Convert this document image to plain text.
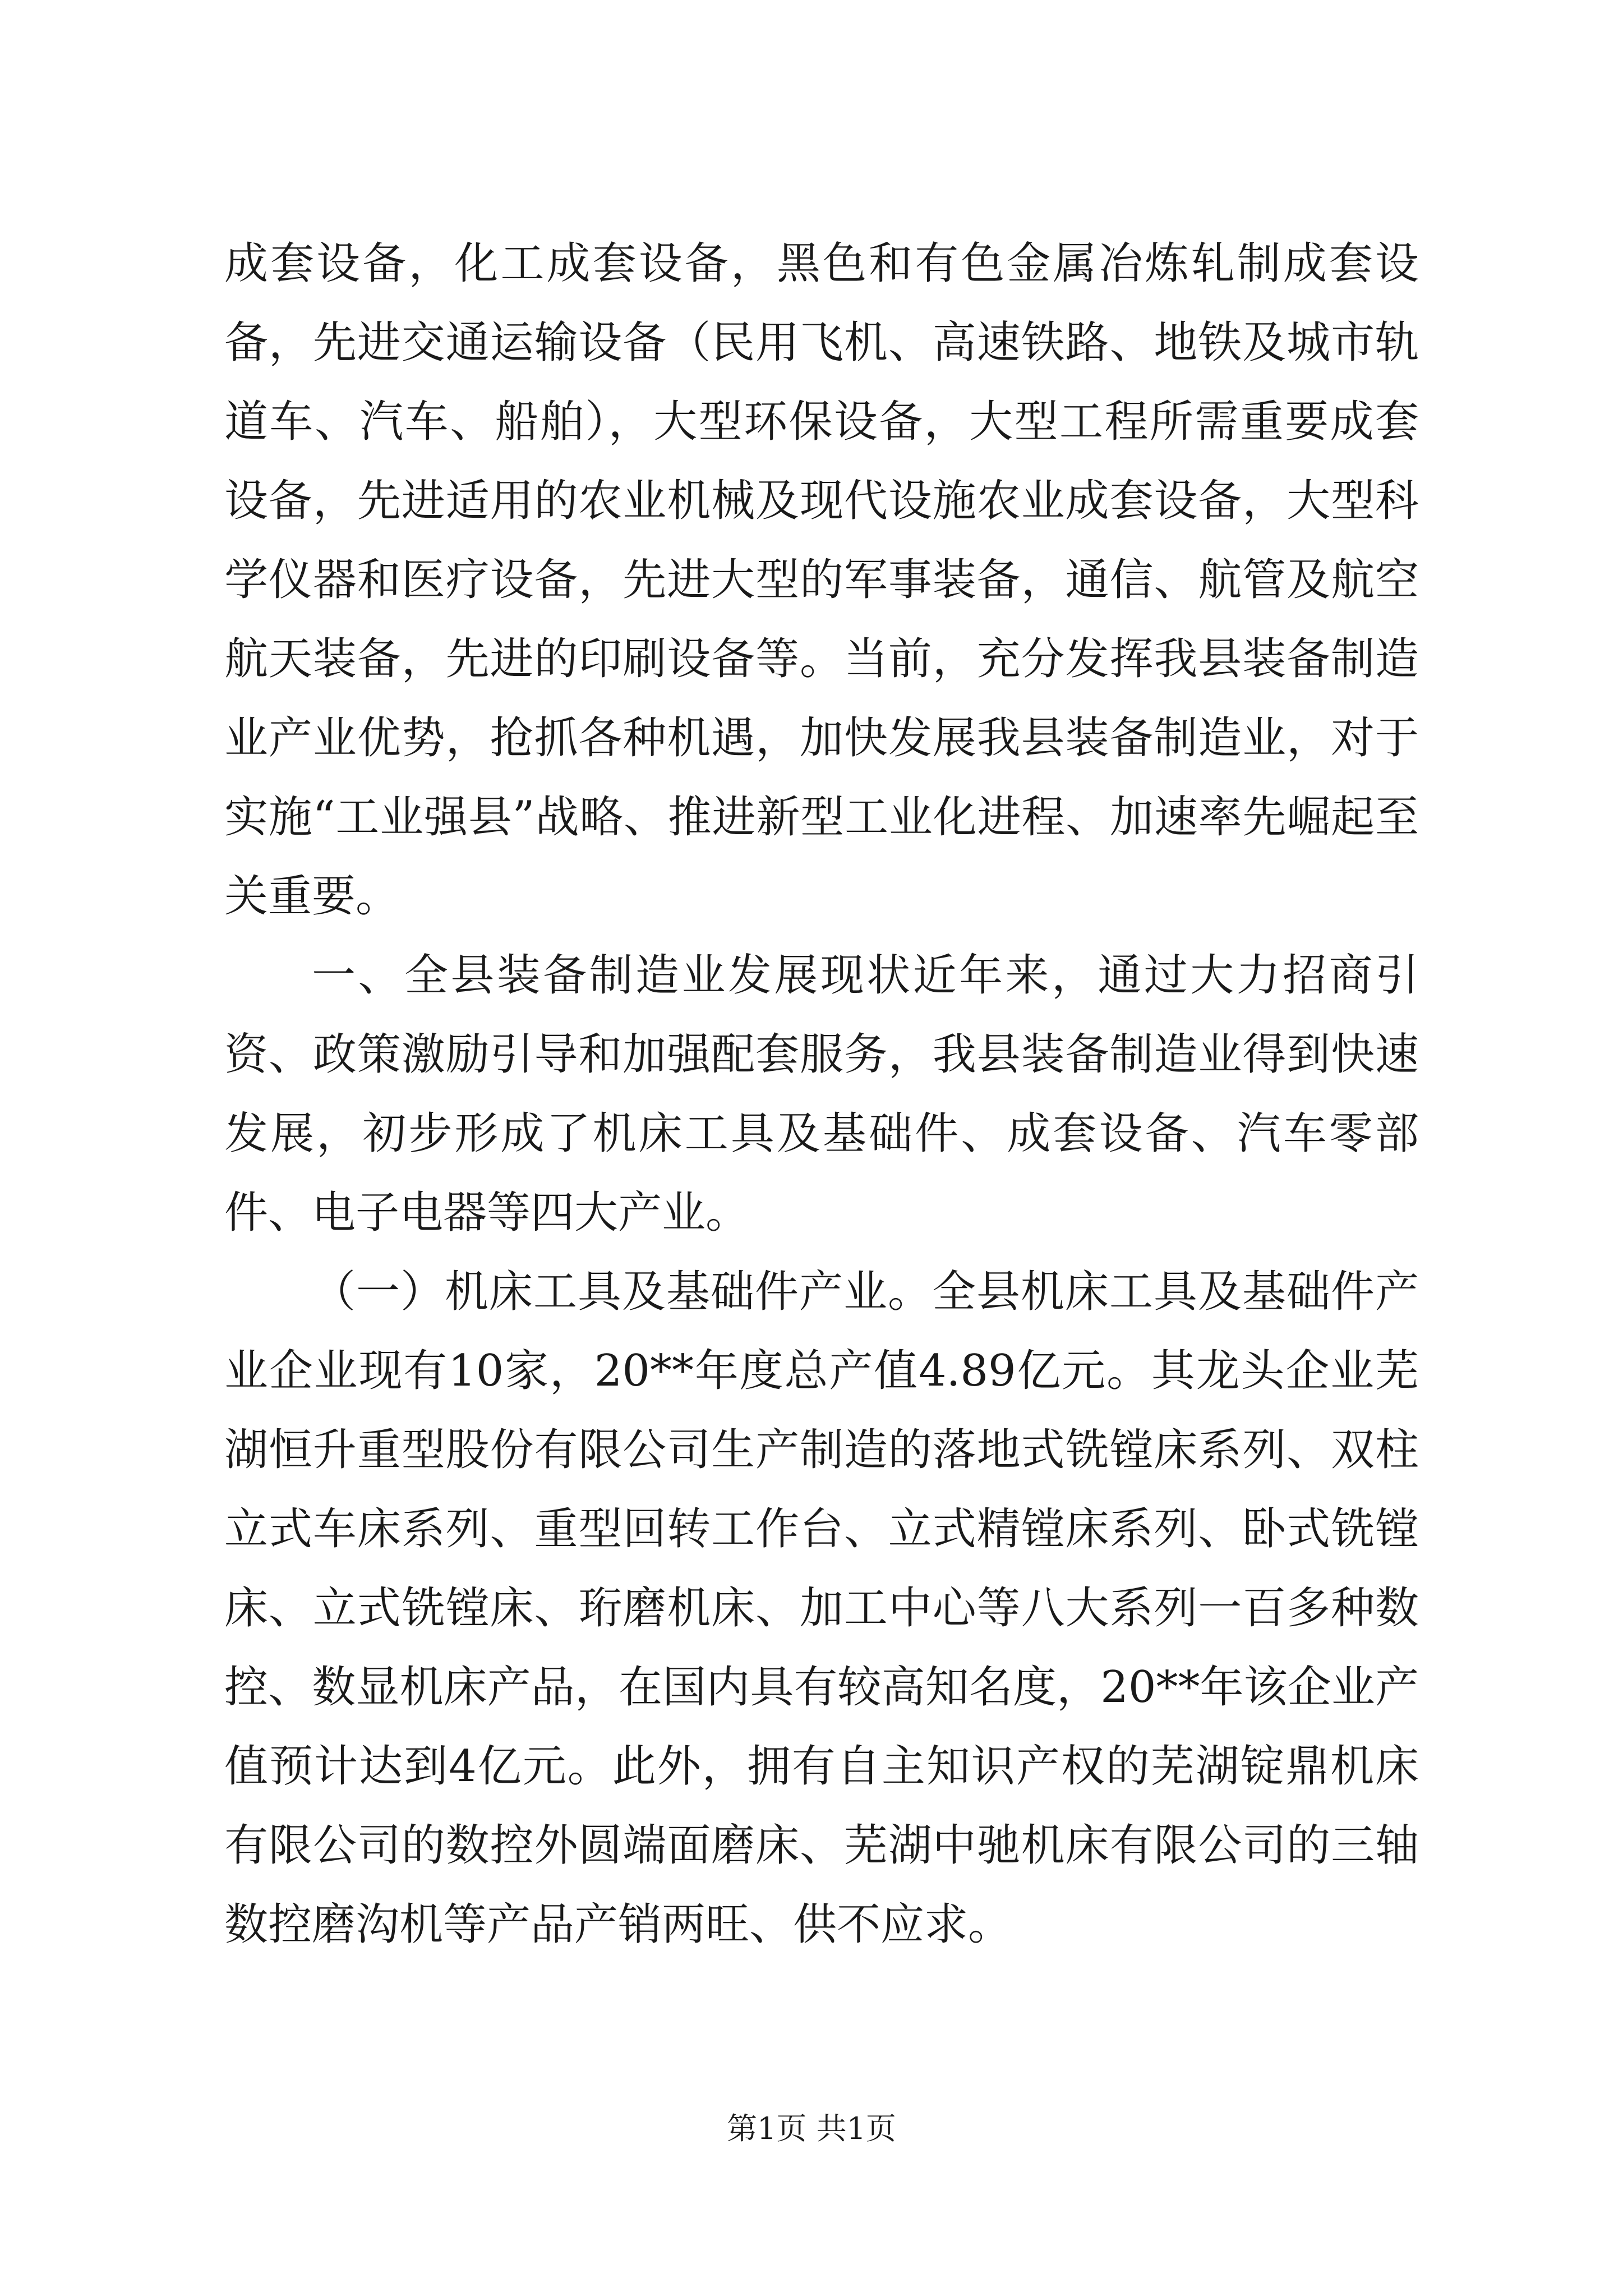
成套设备，化工成套设备，黑色和有色金属冶炼轧制成套设备，先进交通运输设备（民用飞机、高速铁路、地铁及城市轨道车、汽车、船舶），大型环保设备，大型工程所需重要成套设备，先进适用的农业机械及现代设施农业成套设备，大型科学仪器和医疗设备，先进大型的军事装备，通信、航管及航空航天装备，先进的印刷设备等。当前，充分发挥我县装备制造业产业优势，抢抓各种机遇，加快发展我县装备制造业，对于实施“工业强县”战略、推进新型工业化进程、加速率先崛起至关重要。

一、全县装备制造业发展现状近年来，通过大力招商引资、政策激励引导和加强配套服务，我县装备制造业得到快速发展，初步形成了机床工具及基础件、成套设备、汽车零部件、电子电器等四大产业。

（一）机床工具及基础件产业。全县机床工具及基础件产业企业现有10家，20**年度总产值4.89亿元。其龙头企业芜湖恒升重型股份有限公司生产制造的落地式铣镗床系列、双柱立式车床系列、重型回转工作台、立式精镗床系列、卧式铣镗床、立式铣镗床、珩磨机床、加工中心等八大系列一百多种数控、数显机床产品，在国内具有较高知名度，20**年该企业产值预计达到4亿元。此外，拥有自主知识产权的芜湖锭鼎机床有限公司的数控外圆端面磨床、芜湖中驰机床有限公司的三轴数控磨沟机等产品产销两旺、供不应求。

第1页 共1页
